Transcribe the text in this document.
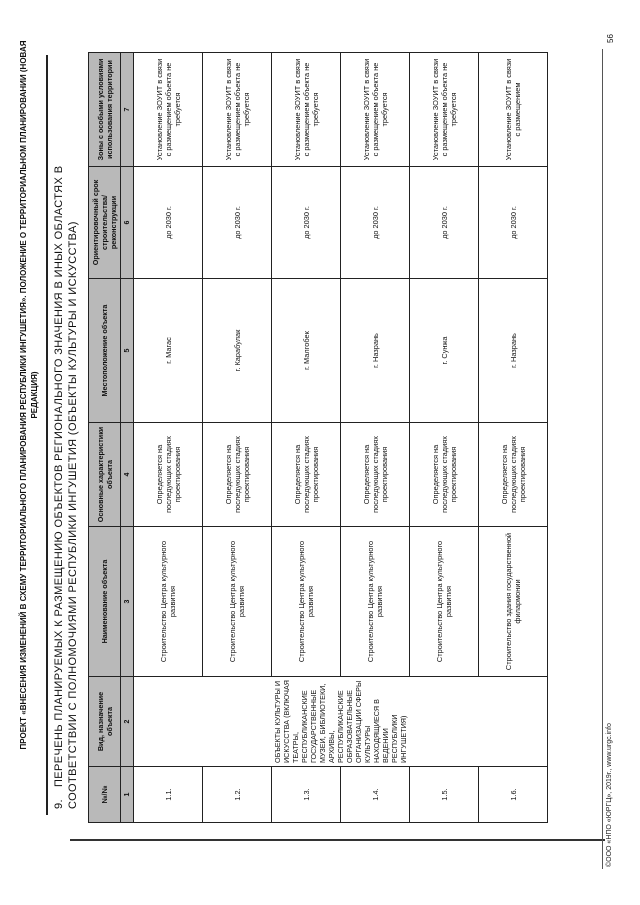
ПРОЕКТ «ВНЕСЕНИЯ ИЗМЕНЕНИЙ В СХЕМУ ТЕРРИТОРИАЛЬНОГО ПЛАНИРОВАНИЯ РЕСПУБЛИКИ ИНГУШЕТИЯ». ПОЛОЖЕНИЕ О ТЕРРИТОРИАЛЬНОМ ПЛАНИРОВАНИИ (НОВАЯ РЕДАКЦИЯ)
9.ПЕРЕЧЕНЬ ПЛАНИРУЕМЫХ К РАЗМЕЩЕНИЮ ОБЪЕКТОВ РЕГИОНАЛЬНОГО ЗНАЧЕНИЯ В ИНЫХ ОБЛАСТЯХ В СООТВЕТСТВИИ С ПОЛНОМОЧИЯМИ РЕСПУБЛИКИ ИНГУШЕТИЯ (ОБЪЕКТЫ КУЛЬТУРЫ И ИСКУССТВА)	№/№	Вид, назначение объекта	Наименование объекта	Основные характеристики объекта	Местоположение объекта	Ориентировочный срок строительства/ реконструкции	Зоны с особыми условиями использования территории
1	2	3	4	5	6	7
1.1.	ОБЪЕКТЫ КУЛЬТУРЫ И ИСКУССТВА (ВКЛЮЧАЯ ТЕАТРЫ, РЕСПУБЛИКАНСКИЕ ГОСУДАРСТВЕННЫЕ МУЗЕИ, БИБЛИОТЕКИ, АРХИВЫ, РЕСПУБЛИКАНСКИЕ ОБРАЗОВАТЕЛЬНЫЕ ОРГАНИЗАЦИИ СФЕРЫ КУЛЬТУРЫ НАХОДЯЩИЕСЯ В ВЕДЕНИИ РЕСПУБЛИКИ ИНГУШЕТИЯ)	Строительство Центра культурного развития	Определяется на последующих стадиях проектирования	г. Магас	до 2030 г.	Установление ЗОУИТ в связи с размещением объекта не требуется
1.2.		Строительство Центра культурного развития	Определяется на последующих стадиях проектирования	г. Карабулак	до 2030 г.	Установление ЗОУИТ в связи с размещением объекта не требуется
1.3.		Строительство Центра культурного развития	Определяется на последующих стадиях проектирования	г. Малгобек	до 2030 г.	Установление ЗОУИТ в связи с размещением объекта не требуется
1.4.		Строительство Центра культурного развития	Определяется на последующих стадиях проектирования	г. Назрань	до 2030 г.	Установление ЗОУИТ в связи с размещением объекта не требуется
1.5.		Строительство Центра культурного развития	Определяется на последующих стадиях проектирования	г. Сунжа	до 2030 г.	Установление ЗОУИТ в связи с размещением объекта не требуется
1.6.		Строительство здания государственной филармонии	Определяется на последующих стадиях проектирования	г. Назрань	до 2030 г.	Установление ЗОУИТ в связи с размещением
©ООО «НПО «ЮРГЦ», 2019г., www.urgc.info
56
